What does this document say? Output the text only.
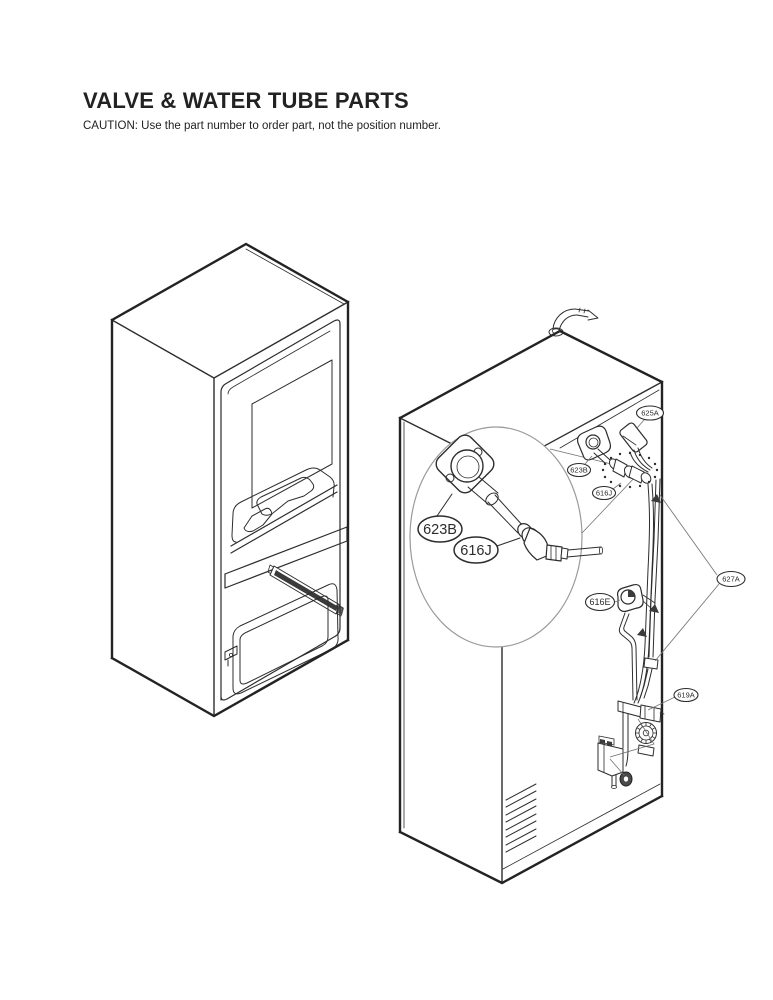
VALVE & WATER TUBE PARTS
CAUTION: Use the part number to order part, not the position number.
623B
616J
625A
623B
616J
616E
627A
619A
